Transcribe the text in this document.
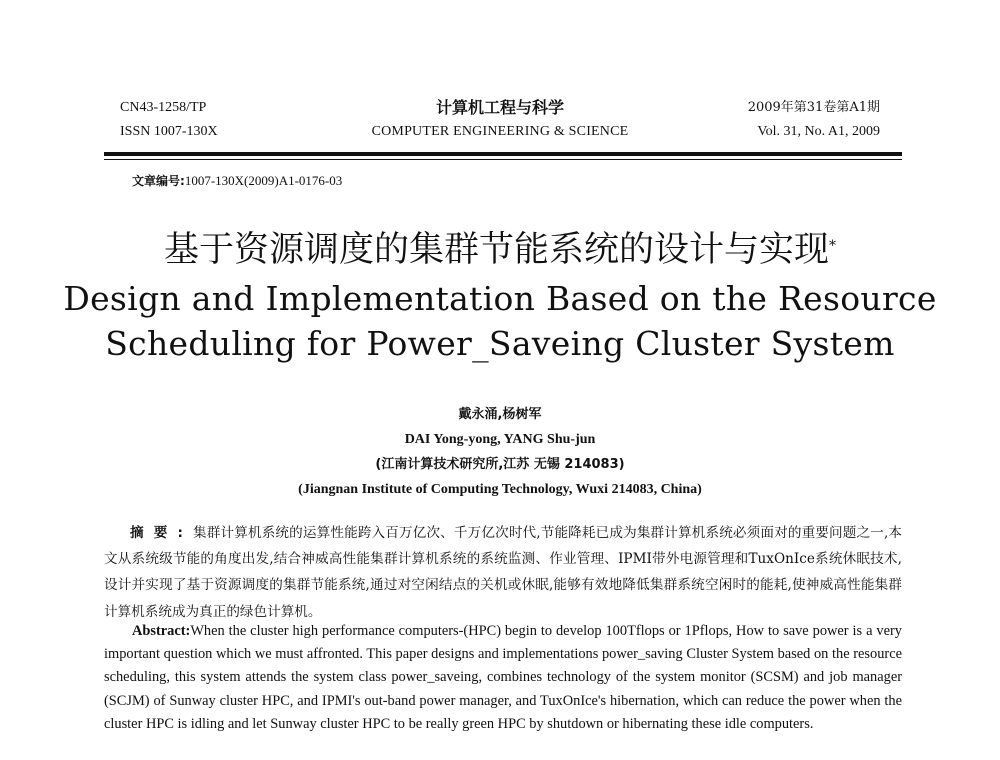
CN43-1258/TP
ISSN 1007-130X
计算机工程与科学
COMPUTER ENGINEERING & SCIENCE
2009年第31卷第A1期
Vol. 31, No. A1, 2009
文章编号:1007-130X(2009)A1-0176-03
基于资源调度的集群节能系统的设计与实现*
Design and Implementation Based on the Resource
Scheduling for Power_Saveing Cluster System
戴永涌,杨树军
DAI Yong-yong, YANG Shu-jun
(江南计算技术研究所,江苏 无锡 214083)
(Jiangnan Institute of Computing Technology, Wuxi 214083, China)
摘要:集群计算机系统的运算性能跨入百万亿次、千万亿次时代,节能降耗已成为集群计算机系统必须面对的重要问题之一,本文从系统级节能的角度出发,结合神威高性能集群计算机系统的系统监测、作业管理、IPMI带外电源管理和TuxOnIce系统休眠技术,设计并实现了基于资源调度的集群节能系统,通过对空闲结点的关机或休眠,能够有效地降低集群系统空闲时的能耗,使神威高性能集群计算机系统成为真正的绿色计算机。
Abstract:When the cluster high performance computers-(HPC) begin to develop 100Tflops or 1Pflops, How to save power is a very important question which we must affronted. This paper designs and implementations power_saving Cluster System based on the resource scheduling, this system attends the system class power_saveing, combines technology of the system monitor (SCSM) and job manager (SCJM) of Sunway cluster HPC, and IPMI's out-band power manager, and TuxOnIce's hibernation, which can reduce the power when the cluster HPC is idling and let Sunway cluster HPC to be really green HPC by shutdown or hibernating these idle computers.
